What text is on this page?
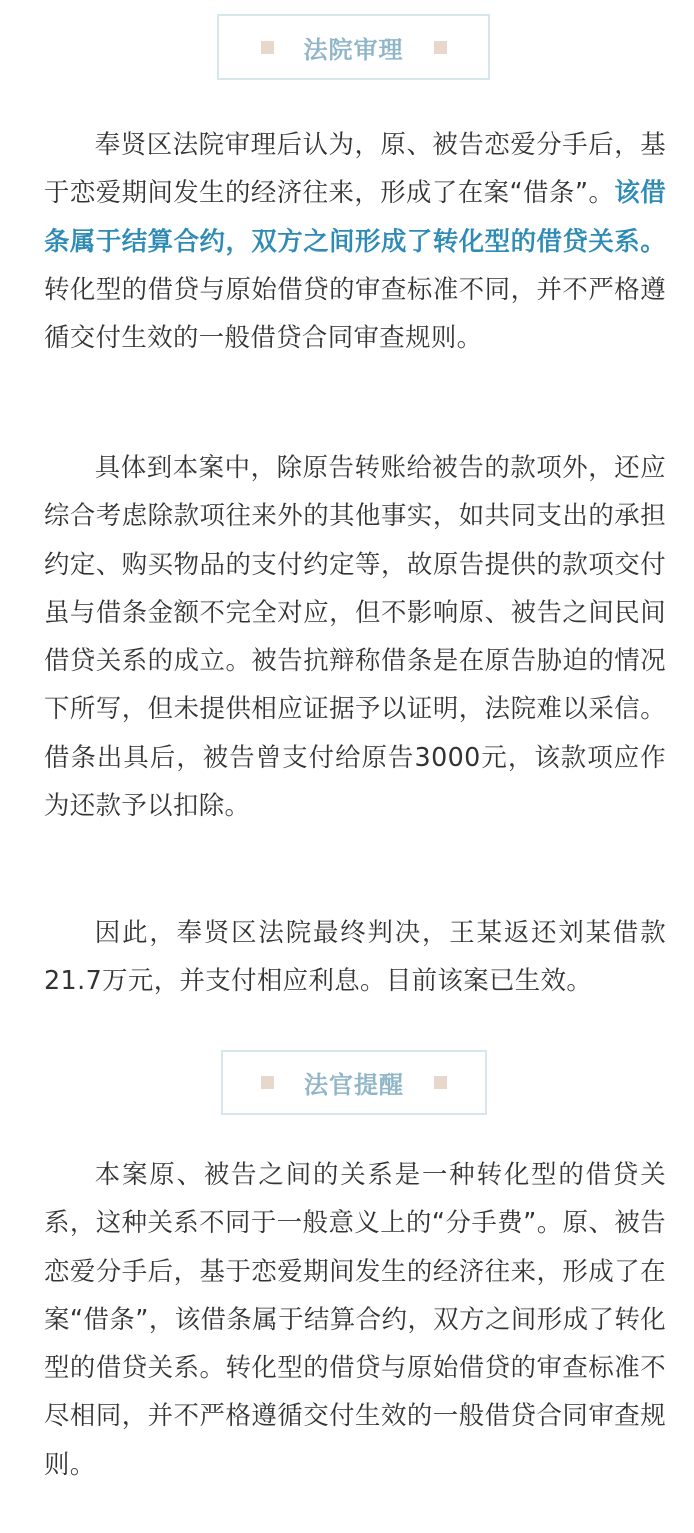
法院审理

奉贤区法院审理后认为，原、被告恋爱分手后，基于恋爱期间发生的经济往来，形成了在案“借条”。该借条属于结算合约，双方之间形成了转化型的借贷关系。转化型的借贷与原始借贷的审查标准不同，并不严格遵循交付生效的一般借贷合同审查规则。

具体到本案中，除原告转账给被告的款项外，还应综合考虑除款项往来外的其他事实，如共同支出的承担约定、购买物品的支付约定等，故原告提供的款项交付虽与借条金额不完全对应，但不影响原、被告之间民间借贷关系的成立。被告抗辩称借条是在原告胁迫的情况下所写，但未提供相应证据予以证明，法院难以采信。借条出具后，被告曾支付给原告3000元，该款项应作为还款予以扣除。

因此，奉贤区法院最终判决，王某返还刘某借款21.7万元，并支付相应利息。目前该案已生效。

法官提醒

本案原、被告之间的关系是一种转化型的借贷关系，这种关系不同于一般意义上的“分手费”。原、被告恋爱分手后，基于恋爱期间发生的经济往来，形成了在案“借条”，该借条属于结算合约，双方之间形成了转化型的借贷关系。转化型的借贷与原始借贷的审查标准不尽相同，并不严格遵循交付生效的一般借贷合同审查规则。
